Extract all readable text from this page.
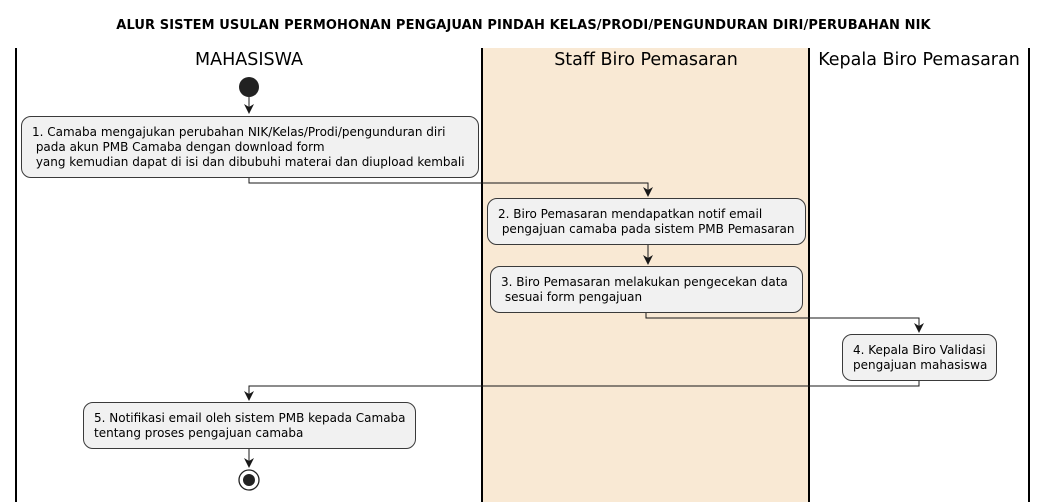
ALUR SISTEM USULAN PERMOHONAN PENGAJUAN PINDAH KELAS/PRODI/PENGUNDURAN DIRI/PERUBAHAN NIK
MAHASISWA	Staff Biro Pemasaran	Kepala Biro Pemasaran
1. Camaba mengajukan perubahan NIK/Kelas/Prodi/pengunduran diri
pada akun PMB Camaba dengan download form
yang kemudian dapat di isi dan dibubuhi materai dan diupload kembali
2. Biro Pemasaran mendapatkan notif email
pengajuan camaba pada sistem PMB Pemasaran
3. Biro Pemasaran melakukan pengecekan data
sesuai form pengajuan
4. Kepala Biro Validasi
pengajuan mahasiswa
5. Notifikasi email oleh sistem PMB kepada Camaba
tentang proses pengajuan camaba
